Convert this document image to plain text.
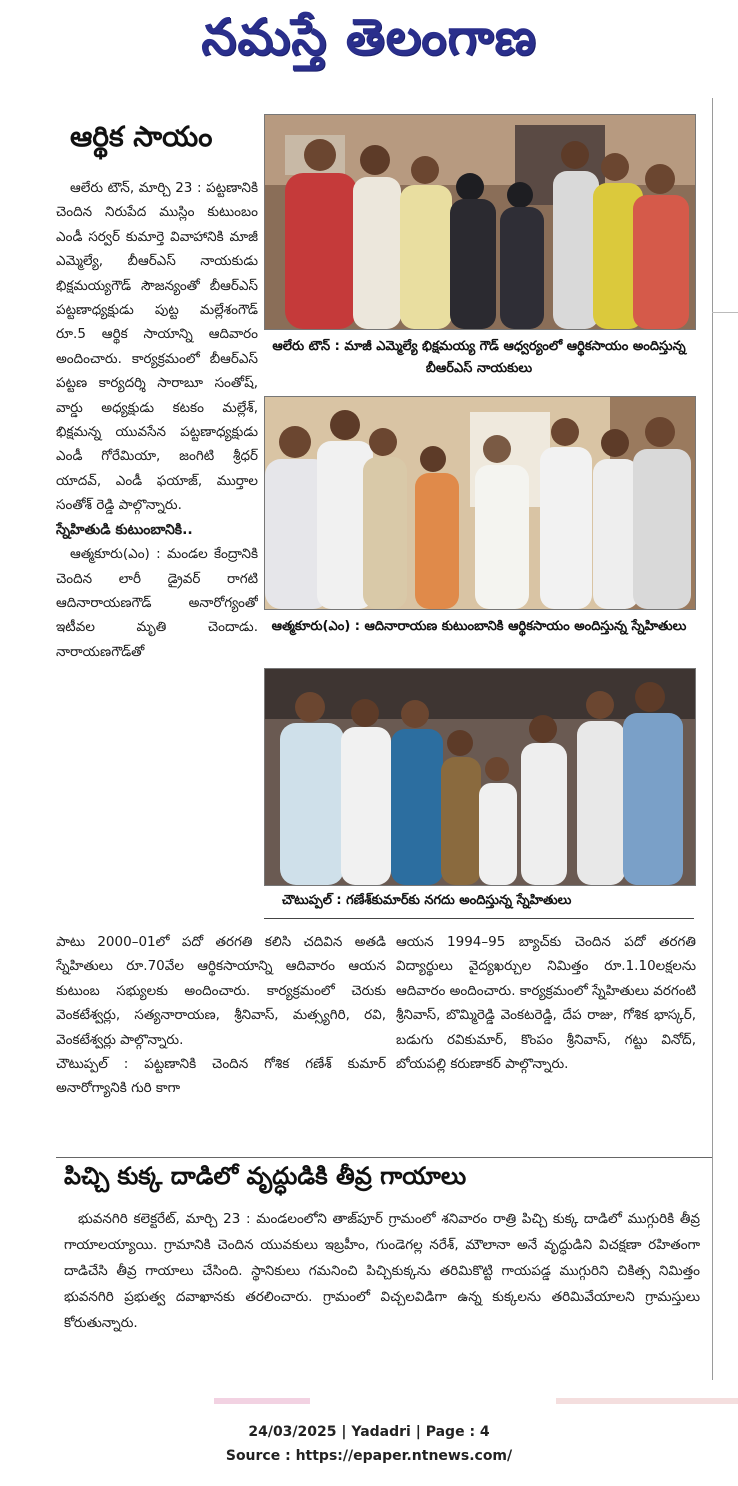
నమస్తే తెలంగాణ
ఆర్థిక సాయం

ఆలేరు టౌన్, మార్చి 23 : పట్టణానికి చెందిన నిరుపేద ముస్లిం కుటుంబం ఎండీ సర్వర్ కుమార్తె వివాహానికి మాజీ ఎమ్మెల్యే, బీఆర్ఎస్ నాయకుడు భిక్షమయ్యగౌడ్ సౌజన్యంతో బీఆర్ఎస్ పట్టణాధ్యక్షుడు పుట్ట మల్లేశంగౌడ్ రూ.5 ఆర్థిక సాయాన్ని ఆదివారం అందించారు. కార్యక్రమంలో బీఆర్ఎస్ పట్టణ కార్యదర్శి సారాబూ సంతోష్, వార్డు అధ్యక్షుడు కటకం మల్లేశ్, భిక్షమన్న యువసేన పట్టణాధ్యక్షుడు ఎండీ గోరేమియా, జంగిటి శ్రీధర్ యాదవ్, ఎండీ ఫయాజ్, ముర్తాల సంతోశ్ రెడ్డి పాల్గొన్నారు.

స్నేహితుడి కుటుంబానికి..

ఆత్మకూరు(ఎం) : మండల కేంద్రానికి చెందిన లారీ డ్రైవర్ రాగటి ఆదినారాయణగౌడ్ అనారోగ్యంతో ఇటీవల మృతి చెందాడు. నారాయణగౌడ్‌తో

ఆలేరు టౌన్ : మాజీ ఎమ్మెల్యే భిక్షమయ్య గౌడ్ ఆధ్వర్యంలో ఆర్థికసాయం అందిస్తున్న బీఆర్ఎస్ నాయకులు
ఆత్మకూరు(ఎం) : ఆదినారాయణ కుటుంబానికి ఆర్థికసాయం అందిస్తున్న స్నేహితులు
చౌటుప్పల్ : గణేశ్‌కుమార్‌కు నగదు అందిస్తున్న స్నేహితులు

పాటు 2000–01లో పదో తరగతి కలిసి చదివిన అతడి స్నేహితులు రూ.70వేల ఆర్థికసాయాన్ని ఆదివారం ఆయన కుటుంబ సభ్యులకు అందించారు. కార్యక్రమంలో చెరుకు వెంకటేశ్వర్లు, సత్యనారాయణ, శ్రీనివాస్, మత్స్యగిరి, రవి, వెంకటేశ్వర్లు పాల్గొన్నారు.

చౌటుప్పల్ : పట్టణానికి చెందిన గోశిక గణేశ్ కుమార్ అనారోగ్యానికి గురి కాగా

ఆయన 1994–95 బ్యాచ్‌కు చెందిన పదో తరగతి విద్యార్థులు వైద్యఖర్చుల నిమిత్తం రూ.1.10లక్షలను ఆదివారం అందించారు. కార్యక్రమంలో స్నేహితులు వరగంటి శ్రీనివాస్, బొమ్మిరెడ్డి వెంకటరెడ్డి, దేప రాజు, గోశిక భాస్కర్, బడుగు రవికుమార్, కొంపం శ్రీనివాస్, గట్టు వినోద్, బోయపల్లి కరుణాకర్ పాల్గొన్నారు.

పిచ్చి కుక్క దాడిలో వృద్ధుడికి తీవ్ర గాయాలు

భువనగిరి కలెక్టరేట్, మార్చి 23 : మండలంలోని తాజ్‌పూర్ గ్రామంలో శనివారం రాత్రి పిచ్చి కుక్క దాడిలో ముగ్గురికి తీవ్ర గాయాలయ్యాయి. గ్రామానికి చెందిన యువకులు ఇబ్రహీం, గుండెగల్ల నరేశ్, మౌలానా అనే వృద్ధుడిని విచక్షణా రహితంగా దాడిచేసి తీవ్ర గాయాలు చేసింది. స్థానికులు గమనించి పిచ్చికుక్కను తరిమికొట్టి గాయపడ్డ ముగ్గురిని చికిత్స నిమిత్తం భువనగిరి ప్రభుత్వ దవాఖానకు తరలించారు. గ్రామంలో విచ్చలవిడిగా ఉన్న కుక్కలను తరిమివేయాలని గ్రామస్తులు కోరుతున్నారు.

24/03/2025 | Yadadri | Page : 4
Source : https://epaper.ntnews.com/
